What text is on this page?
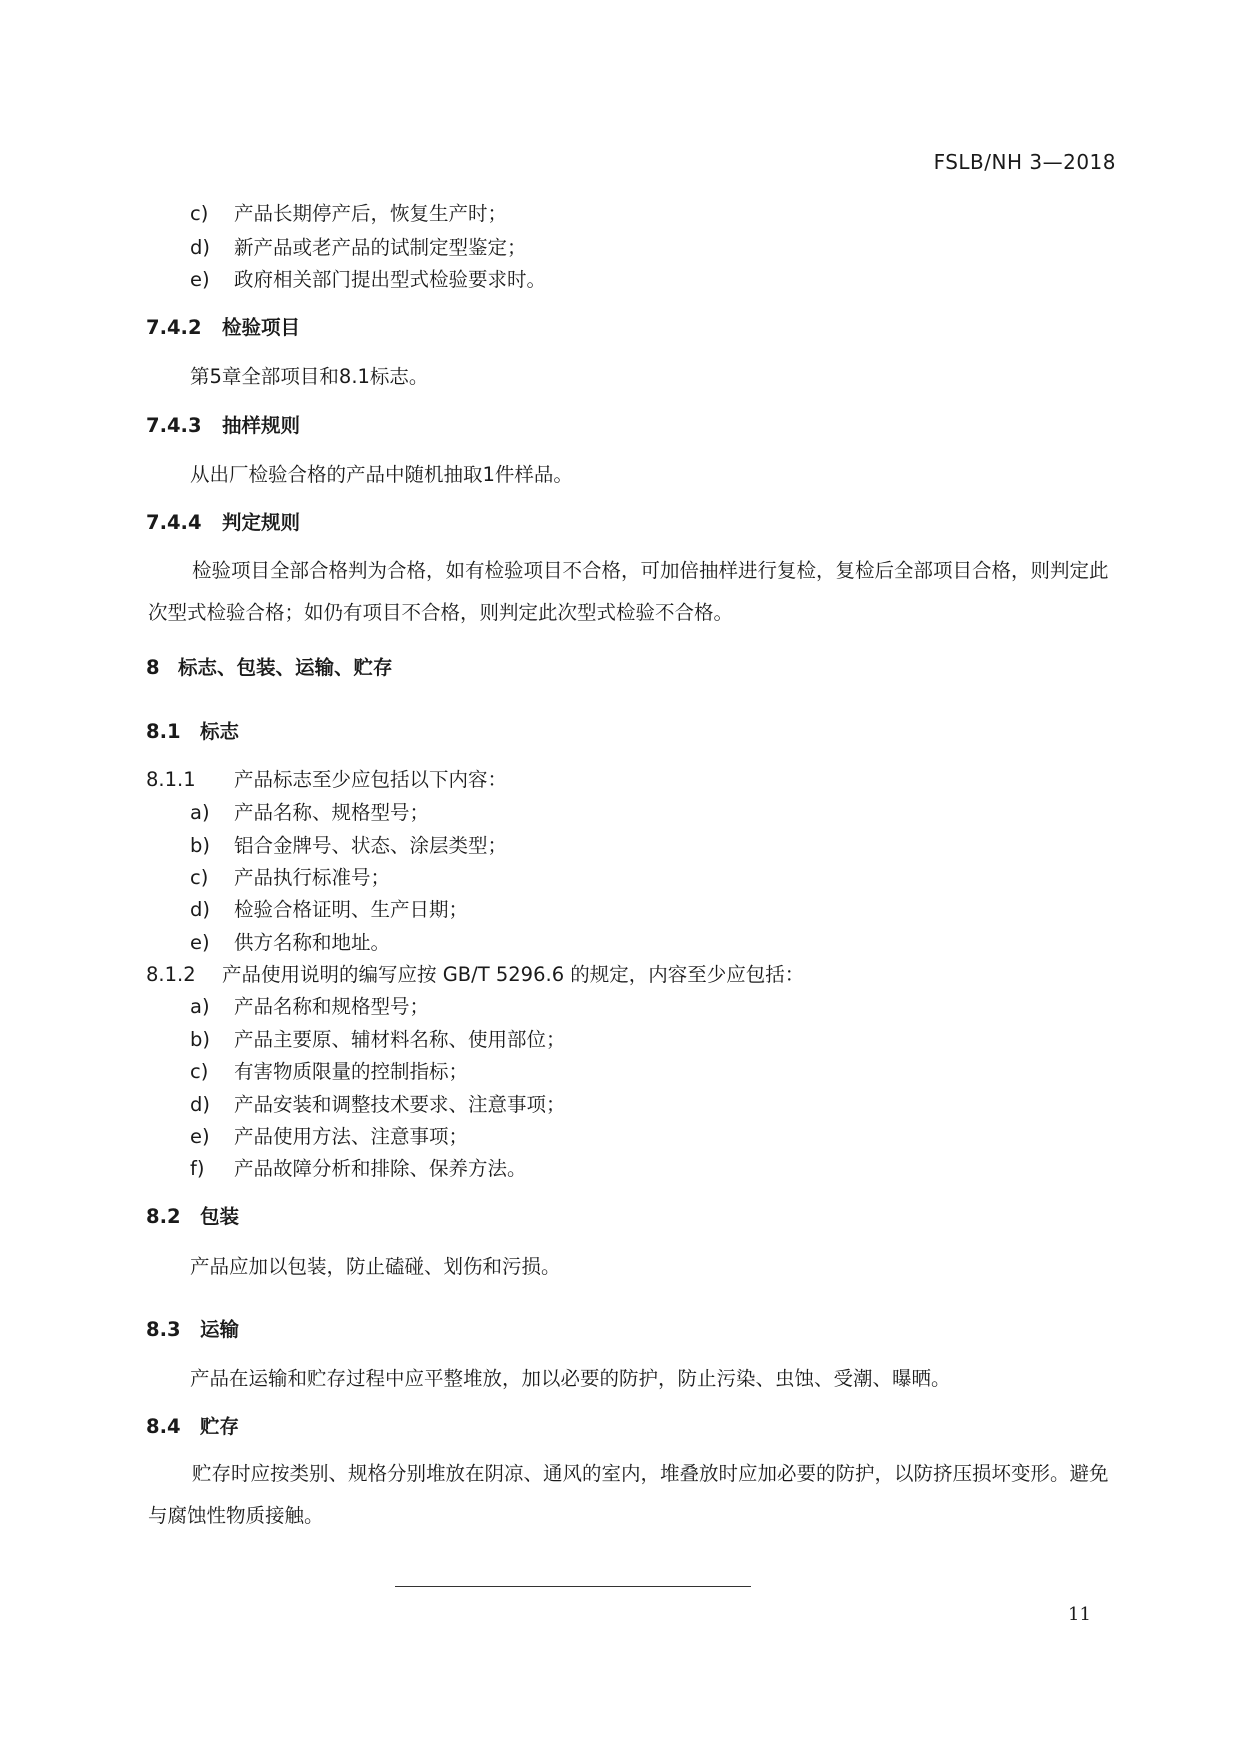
FSLB/NH 3—2018
c) 产品长期停产后，恢复生产时；
d) 新产品或老产品的试制定型鉴定；
e) 政府相关部门提出型式检验要求时。
7.4.2 检验项目
第5章全部项目和8.1标志。
7.4.3 抽样规则
从出厂检验合格的产品中随机抽取1件样品。
7.4.4 判定规则
检验项目全部合格判为合格，如有检验项目不合格，可加倍抽样进行复检，复检后全部项目合格，则判定此次型式检验合格；如仍有项目不合格，则判定此次型式检验不合格。
8 标志、包装、运输、贮存
8.1 标志
8.1.1 产品标志至少应包括以下内容：
a) 产品名称、规格型号；
b) 铝合金牌号、状态、涂层类型；
c) 产品执行标准号；
d) 检验合格证明、生产日期；
e) 供方名称和地址。
8.1.2 产品使用说明的编写应按 GB/T 5296.6 的规定，内容至少应包括：
a) 产品名称和规格型号；
b) 产品主要原、辅材料名称、使用部位；
c) 有害物质限量的控制指标；
d) 产品安装和调整技术要求、注意事项；
e) 产品使用方法、注意事项；
f) 产品故障分析和排除、保养方法。
8.2 包装
产品应加以包装，防止磕碰、划伤和污损。
8.3 运输
产品在运输和贮存过程中应平整堆放，加以必要的防护，防止污染、虫蚀、受潮、曝晒。
8.4 贮存
贮存时应按类别、规格分别堆放在阴凉、通风的室内，堆叠放时应加必要的防护，以防挤压损坏变形。避免与腐蚀性物质接触。
11
